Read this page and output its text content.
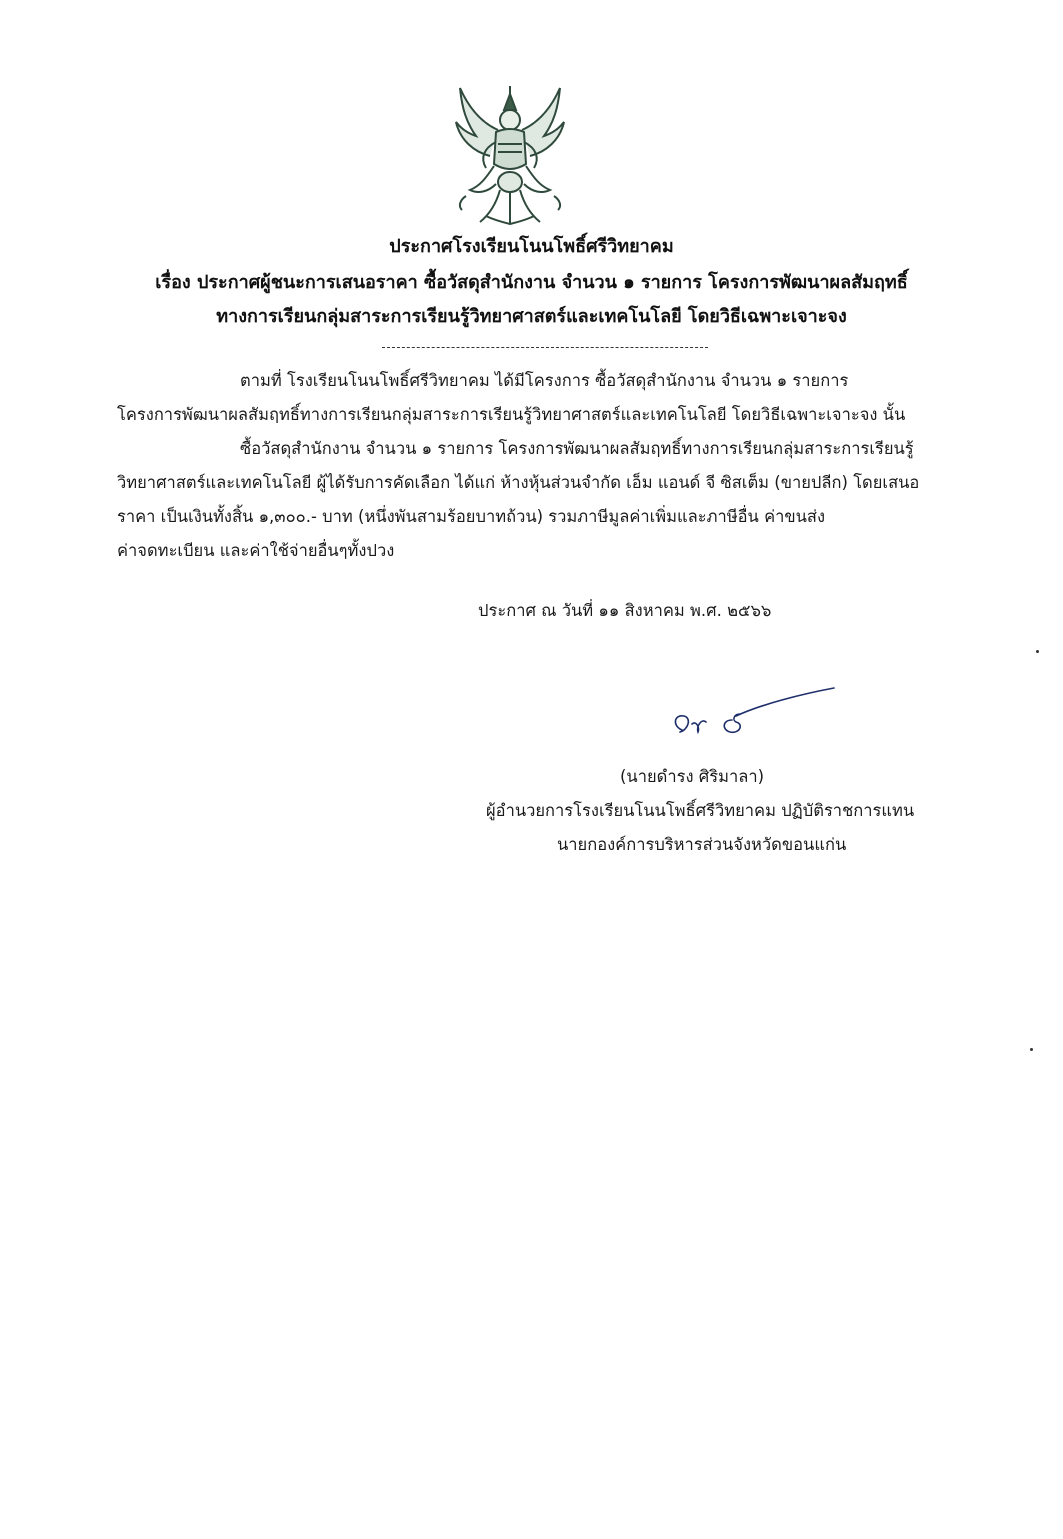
ประกาศโรงเรียนโนนโพธิ์ศรีวิทยาคม
เรื่อง ประกาศผู้ชนะการเสนอราคา ซื้อวัสดุสำนักงาน จำนวน ๑ รายการ โครงการพัฒนาผลสัมฤทธิ์
ทางการเรียนกลุ่มสาระการเรียนรู้วิทยาศาสตร์และเทคโนโลยี โดยวิธีเฉพาะเจาะจง
ตามที่ โรงเรียนโนนโพธิ์ศรีวิทยาคม ได้มีโครงการ ซื้อวัสดุสำนักงาน จำนวน ๑ รายการ
โครงการพัฒนาผลสัมฤทธิ์ทางการเรียนกลุ่มสาระการเรียนรู้วิทยาศาสตร์และเทคโนโลยี โดยวิธีเฉพาะเจาะจง นั้น
ซื้อวัสดุสำนักงาน จำนวน ๑ รายการ โครงการพัฒนาผลสัมฤทธิ์ทางการเรียนกลุ่มสาระการเรียนรู้
วิทยาศาสตร์และเทคโนโลยี ผู้ได้รับการคัดเลือก ได้แก่ ห้างหุ้นส่วนจำกัด เอ็ม แอนด์ จี ซิสเต็ม (ขายปลีก) โดยเสนอ
ราคา เป็นเงินทั้งสิ้น ๑,๓๐๐.- บาท (หนึ่งพันสามร้อยบาทถ้วน) รวมภาษีมูลค่าเพิ่มและภาษีอื่น ค่าขนส่ง
ค่าจดทะเบียน และค่าใช้จ่ายอื่นๆทั้งปวง
ประกาศ ณ วันที่ ๑๑ สิงหาคม พ.ศ. ๒๕๖๖
(นายดำรง ศิริมาลา)
ผู้อำนวยการโรงเรียนโนนโพธิ์ศรีวิทยาคม ปฏิบัติราชการแทน
นายกองค์การบริหารส่วนจังหวัดขอนแก่น
